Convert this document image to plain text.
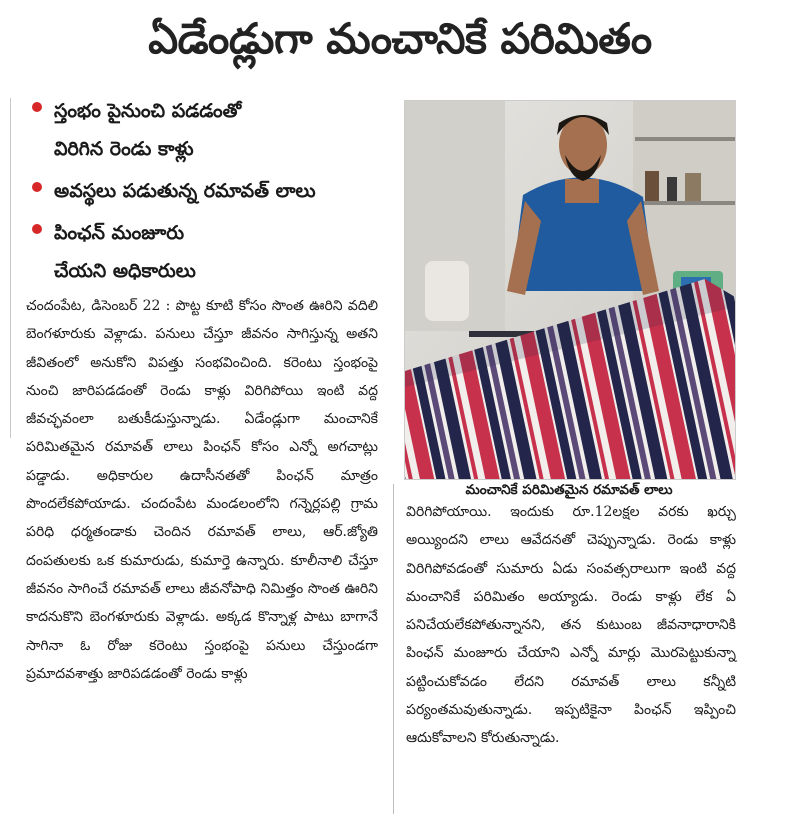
ఏడేండ్లుగా మంచానికే పరిమితం
స్తంభం పైనుంచి పడడంతో
విరిగిన రెండు కాళ్లు
అవస్థలు పడుతున్న రమావత్ లాలు
పింఛన్ మంజూరు
చేయని అధికారులు

చందంపేట, డిసెంబర్ 22 : పొట్ట కూటి కోసం సొంత ఊరిని వదిలి బెంగళూరుకు వెళ్లాడు. పనులు చేస్తూ జీవనం సాగిస్తున్న అతని జీవితంలో అనుకోని విపత్తు సంభవించింది. కరెంటు స్తంభంపై నుంచి జారిపడడంతో రెండు కాళ్లు విరిగిపోయి ఇంటి వద్ద జీవచ్ఛవంలా బతుకీడుస్తున్నాడు. ఏడేండ్లుగా మంచానికే పరిమితమైన రమావత్ లాలు పింఛన్ కోసం ఎన్నో అగచాట్లు పడ్డాడు. అధికారుల ఉదాసీనతతో పింఛన్ మాత్రం పొందలేకపోయాడు. చందంపేట మండలంలోని గన్నెర్లపల్లి గ్రామ పరిధి ధర్మతండాకు చెందిన రమావత్ లాలు, ఆర్.జ్యోతి దంపతులకు ఒక కుమారుడు, కుమార్తె ఉన్నారు. కూలీనాలి చేస్తూ జీవనం సాగించే రమావత్ లాలు జీవనోపాధి నిమిత్తం సొంత ఊరిని కాదనుకొని బెంగళూరుకు వెళ్లాడు. అక్కడ కొన్నాళ్ల పాటు బాగానే సాగినా ఓ రోజు కరెంటు స్తంభంపై పనులు చేస్తుండగా ప్రమాదవశాత్తు జారిపడడంతో రెండు కాళ్లు

మంచానికే పరిమితమైన రమావత్ లాలు

విరిగిపోయాయి. ఇందుకు రూ.12లక్షల వరకు ఖర్చు అయ్యిందని లాలు ఆవేదనతో చెప్పున్నాడు. రెండు కాళ్లు విరిగిపోవడంతో సుమారు ఏడు సంవత్సరాలుగా ఇంటి వద్ద మంచానికే పరిమితం అయ్యాడు. రెండు కాళ్లు లేక ఏ పనిచేయలేకపోతున్నానని, తన కుటుంబ జీవనాధారానికి పింఛన్ మంజూరు చేయాని ఎన్నో మార్లు మొరపెట్టుకున్నా పట్టించుకోవడం లేదని రమావత్ లాలు కన్నీటి పర్యంతమవుతున్నాడు. ఇప్పటికైనా పింఛన్ ఇప్పించి ఆదుకోవాలని కోరుతున్నాడు.
